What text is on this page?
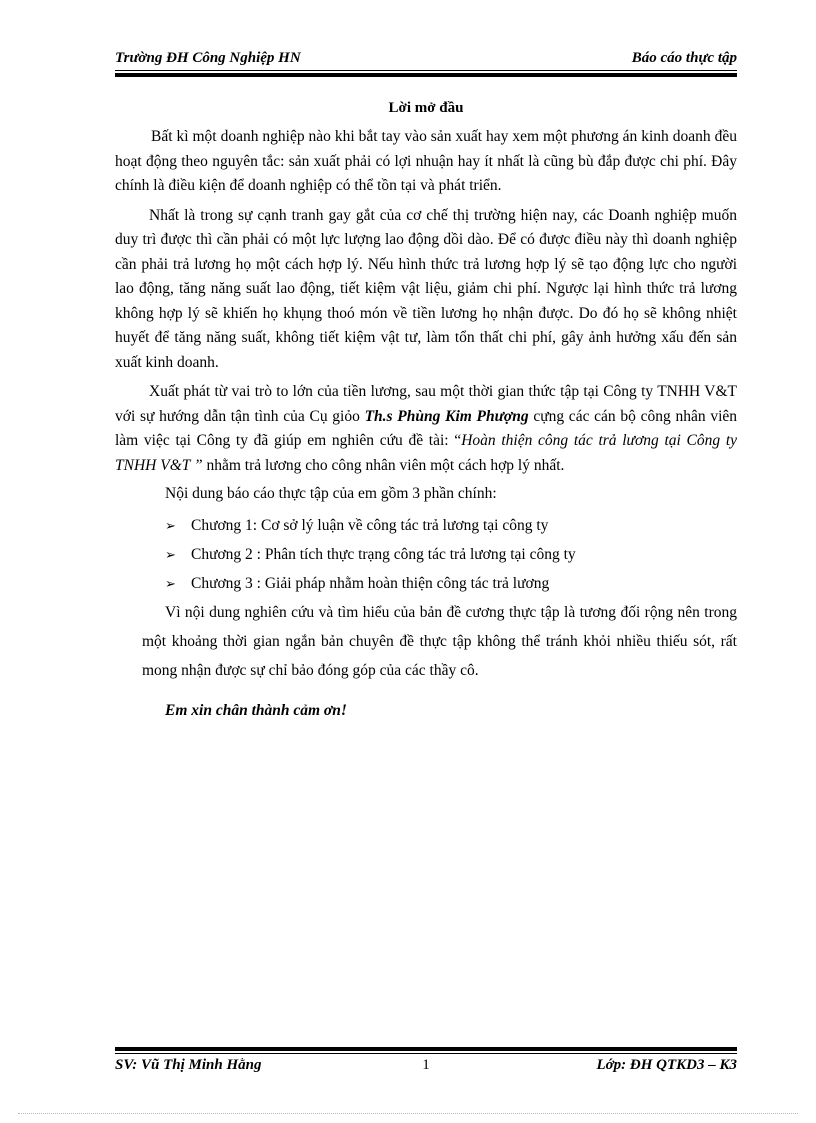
Trường ĐH Công Nghiệp HN	Báo cáo thực tập
Lời mở đầu

Bất kì một doanh nghiệp nào khi bắt tay vào sản xuất hay xem một phương án kinh doanh đều hoạt động theo nguyên tắc: sản xuất phải có lợi nhuận hay ít nhất là cũng bù đắp được chi phí. Đây chính là điều kiện để doanh nghiệp có thể tồn tại và phát triển.

Nhất là trong sự cạnh tranh gay gắt của cơ chế thị trường hiện nay, các Doanh nghiệp muốn duy trì được thì cần phải có một lực lượng lao động dồi dào. Để có được điều này thì doanh nghiệp cần phải trả lương họ một cách hợp lý. Nếu hình thức trả lương hợp lý sẽ tạo động lực cho người lao động, tăng năng suất lao động, tiết kiệm vật liệu, giảm chi phí. Ngược lại hình thức trả lương không hợp lý sẽ khiến họ khụng thoó món về tiền lương họ nhận được. Do đó họ sẽ không nhiệt huyết để tăng năng suất, không tiết kiệm vật tư, làm tổn thất chi phí, gây ảnh hưởng xấu đến sản xuất kinh doanh.

Xuất phát từ vai trò to lớn của tiền lương, sau một thời gian thức tập tại Công ty TNHH V&T với sự hướng dẫn tận tình của Cụ giỏo Th.s Phùng Kim Phượng cựng các cán bộ công nhân viên làm việc tại Công ty đã giúp em nghiên cứu đề tài: “Hoàn thiện công tác trả lương tại Công ty TNHH V&T ” nhằm trả lương cho công nhân viên một cách hợp lý nhất.

Nội dung báo cáo thực tập của em gồm 3 phần chính:

➢ Chương 1: Cơ sở lý luận về công tác trả lương tại công ty
➢ Chương 2 : Phân tích thực trạng công tác trả lương tại công ty
➢ Chương 3 : Giải pháp nhằm hoàn thiện công tác trả lương

Vì nội dung nghiên cứu và tìm hiểu của bản đề cương thực tập là tương đối rộng nên trong một khoảng thời gian ngắn bản chuyên đề thực tập không thể tránh khỏi nhiều thiếu sót, rất mong nhận được sự chỉ bảo đóng góp của các thầy cô.

Em xin chân thành cảm ơn!

SV: Vũ Thị Minh Hằng	1	Lớp: ĐH QTKD3 – K3
